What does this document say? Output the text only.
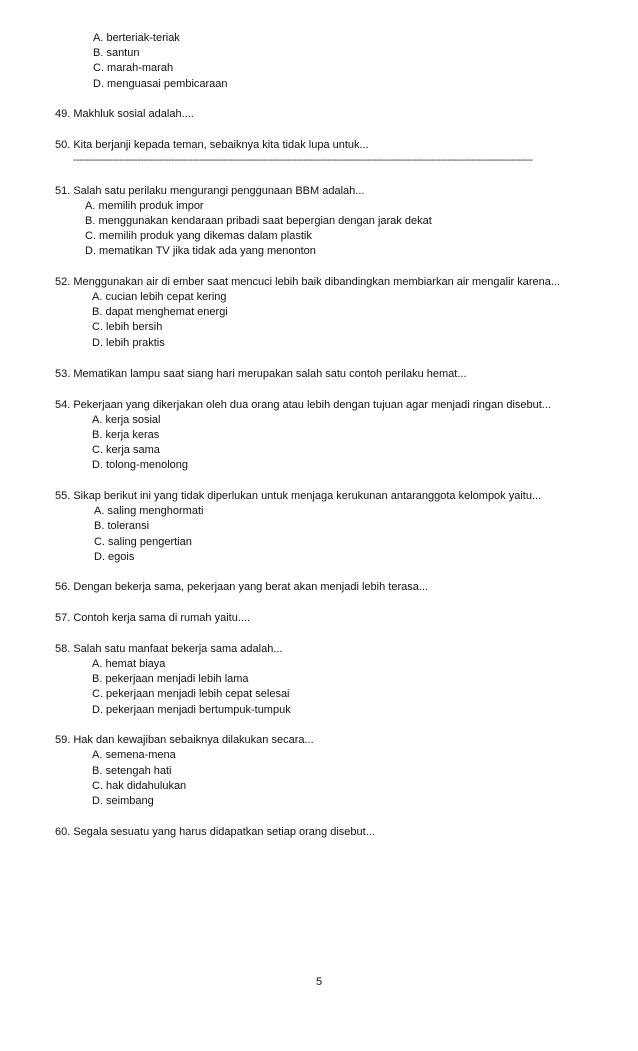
A. berteriak-teriak
B. santun
C. marah-marah
D. menguasai pembicaraan
49. Makhluk sosial adalah....
50. Kita berjanji kepada teman, sebaiknya kita tidak lupa untuk...
------------------------------------------------------------------------------------------------------------------------------------------------------
51. Salah satu perilaku mengurangi penggunaan BBM adalah...
A. memilih produk impor
B. menggunakan kendaraan pribadi saat bepergian dengan jarak dekat
C. memilih produk yang dikemas dalam plastik
D. mematikan TV jika tidak ada yang menonton
52. Menggunakan air di ember saat mencuci lebih baik dibandingkan membiarkan air mengalir karena...
A. cucian lebih cepat kering
B. dapat menghemat energi
C. lebih bersih
D. lebih praktis
53. Mematikan lampu saat siang hari merupakan salah satu contoh perilaku hemat...
54. Pekerjaan yang dikerjakan oleh dua orang atau lebih dengan tujuan agar menjadi ringan disebut...
A. kerja sosial
B. kerja keras
C. kerja sama
D. tolong-menolong
55. Sikap berikut ini yang tidak diperlukan untuk menjaga kerukunan antaranggota kelompok yaitu...
A. saling menghormati
B. toleransi
C. saling pengertian
D. egois
56. Dengan bekerja sama, pekerjaan yang berat akan menjadi lebih terasa...
57. Contoh kerja sama di rumah yaitu....
58. Salah satu manfaat bekerja sama adalah...
A. hemat biaya
B. pekerjaan menjadi lebih lama
C. pekerjaan menjadi lebih cepat selesai
D. pekerjaan menjadi bertumpuk-tumpuk
59. Hak dan kewajiban sebaiknya dilakukan secara...
A. semena-mena
B. setengah hati
C. hak didahulukan
D. seimbang
60. Segala sesuatu yang harus didapatkan setiap orang disebut...
5
